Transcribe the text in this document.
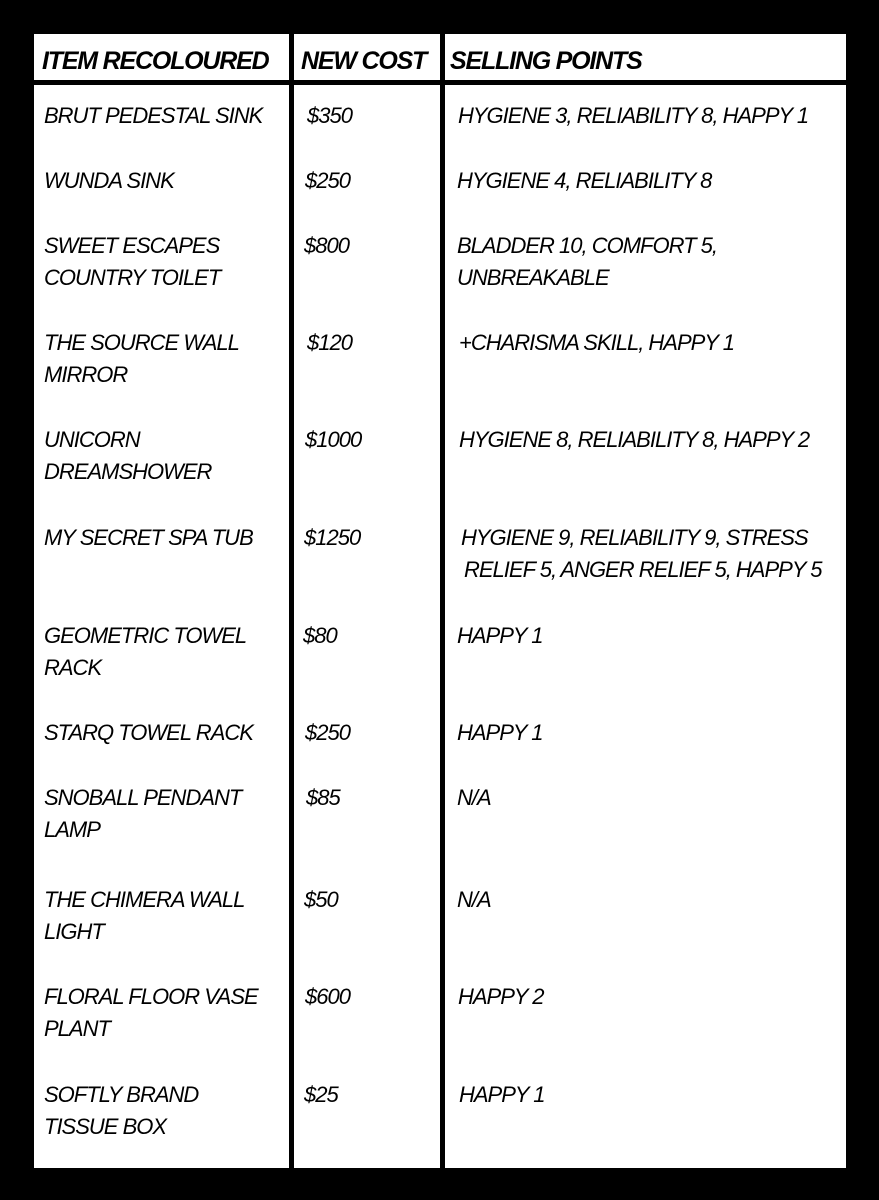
ITEM RECOLOURED NEW COST SELLING POINTS
BRUT PEDESTAL SINK $350	HYGIENE 3, RELIABILITY 8, HAPPY 1
WUNDA SINK	$250	HYGIENE 4, RELIABILITY 8
SWEET ESCAPES
COUNTRY TOILET
$800	BLADDER 10, COMFORT 5,
UNBREAKABLE
THE SOURCE WALL
MIRROR
$120	+CHARISMA SKILL, HAPPY 1
UNICORN
DREAMSHOWER
$1000	HYGIENE 8, RELIABILITY 8, HAPPY 2
MY SECRET SPA TUB $1250	HYGIENE 9, RELIABILITY 9, STRESS
RELIEF 5, ANGER RELIEF 5, HAPPY 5
GEOMETRIC TOWEL
RACK
$80	HAPPY 1
STARQ TOWEL RACK $250	HAPPY 1
SNOBALL PENDANT
LAMP
$85	N/A
THE CHIMERA WALL
LIGHT
$50	N/A
FLORAL FLOOR VASE
PLANT
$600	HAPPY 2
SOFTLY BRAND
TISSUE BOX
$25	HAPPY 1
